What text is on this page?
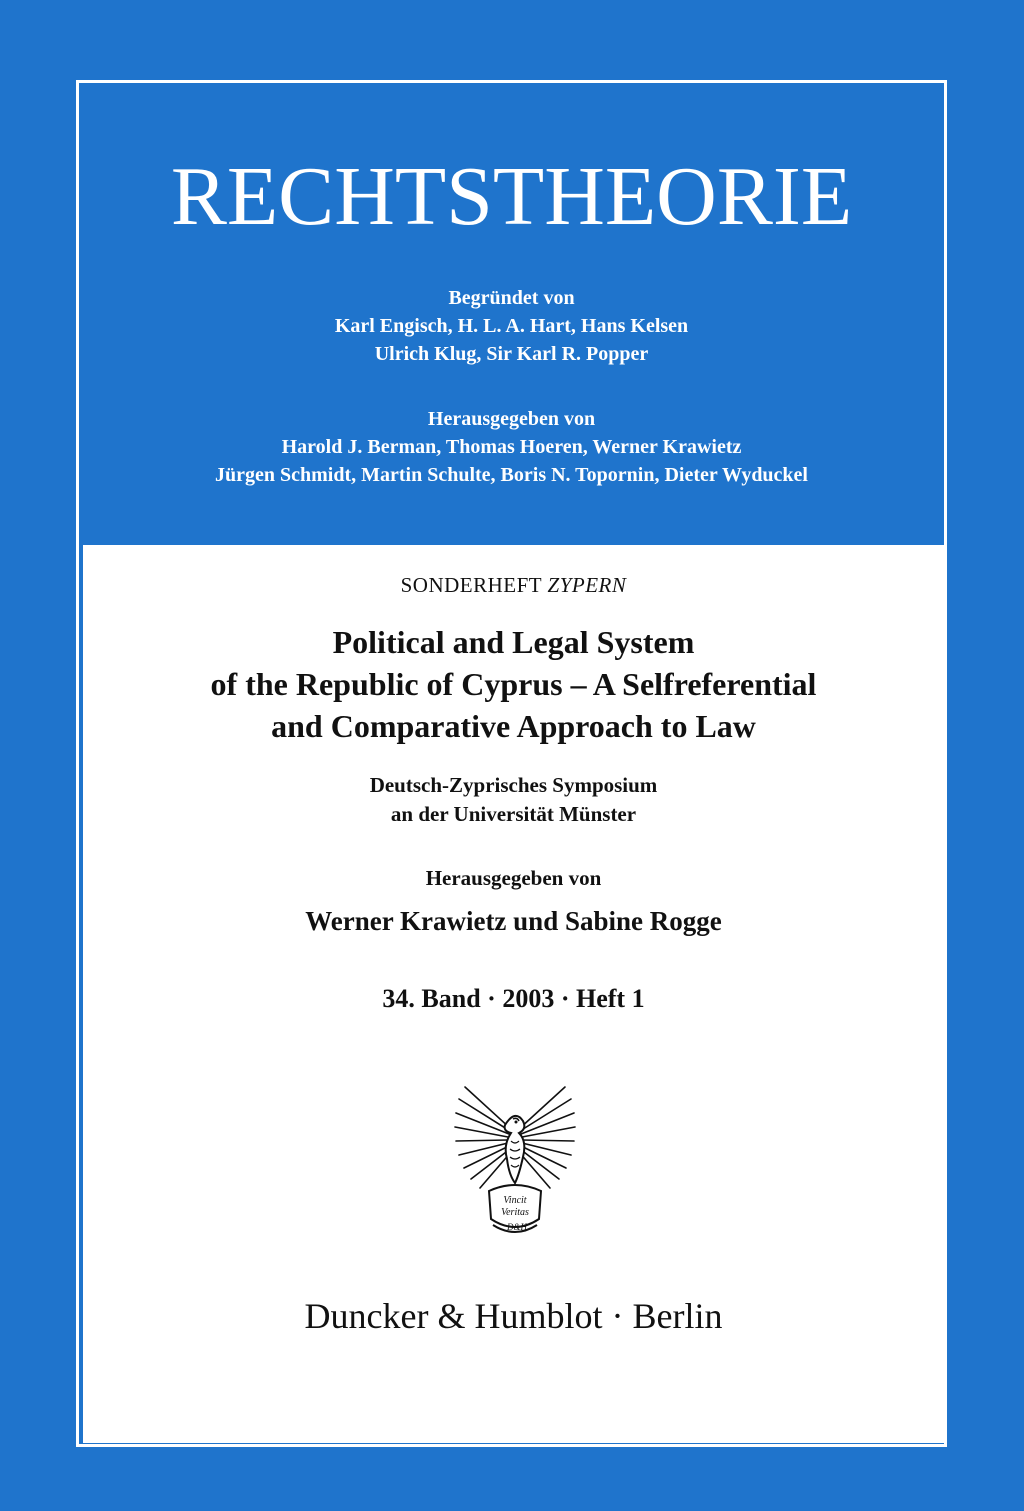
RECHTSTHEORIE
Begründet von
Karl Engisch, H. L. A. Hart, Hans Kelsen
Ulrich Klug, Sir Karl R. Popper
Herausgegeben von
Harold J. Berman, Thomas Hoeren, Werner Krawietz
Jürgen Schmidt, Martin Schulte, Boris N. Topornin, Dieter Wyduckel
SONDERHEFT ZYPERN
Political and Legal System
of the Republic of Cyprus – A Selfreferential
and Comparative Approach to Law
Deutsch-Zyprisches Symposium
an der Universität Münster
Herausgegeben von
Werner Krawietz und Sabine Rogge
34. Band · 2003 · Heft 1
Vincit
Veritas
D&H
Duncker & Humblot · Berlin
